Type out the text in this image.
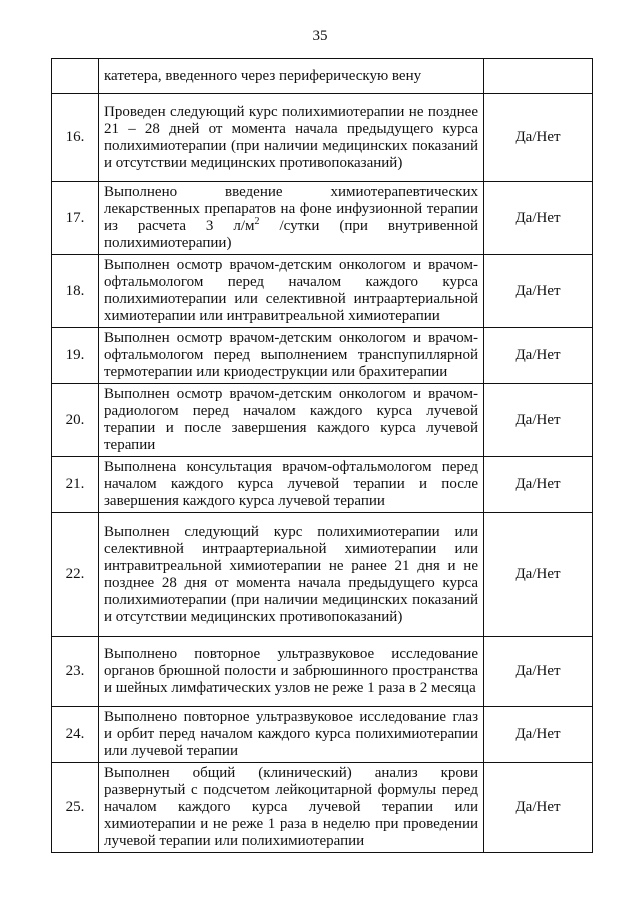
35
	катетера, введенного через периферическую вену	
16.	Проведен следующий курс полихимиотерапии не позднее 21 – 28 дней от момента начала предыдущего курса полихимиотерапии (при наличии медицинских показаний и отсутствии медицинских противопоказаний)	Да/Нет
17.	Выполнено введение химиотерапевтических лекарственных препаратов на фоне инфузионной терапии из расчета 3 $л/м^2$ /сутки (при внутривенной полихимиотерапии)	Да/Нет
18.	Выполнен осмотр врачом-детским онкологом и врачом-офтальмологом перед началом каждого курса полихимиотерапии или селективной интраартериальной химиотерапии или интравитреальной химиотерапии	Да/Нет
19.	Выполнен осмотр врачом-детским онкологом и врачом-офтальмологом перед выполнением транспупиллярной термотерапии или криодеструкции или брахитерапии	Да/Нет
20.	Выполнен осмотр врачом-детским онкологом и врачом-радиологом перед началом каждого курса лучевой терапии и после завершения каждого курса лучевой терапии	Да/Нет
21.	Выполнена консультация врачом-офтальмологом перед началом каждого курса лучевой терапии и после завершения каждого курса лучевой терапии	Да/Нет
22.	Выполнен следующий курс полихимиотерапии или селективной интраартериальной химиотерапии или интравитреальной химиотерапии не ранее 21 дня и не позднее 28 дня от момента начала предыдущего курса полихимиотерапии (при наличии медицинских показаний и отсутствии медицинских противопоказаний)	Да/Нет
23.	Выполнено повторное ультразвуковое исследование органов брюшной полости и забрюшинного пространства и шейных лимфатических узлов не реже 1 раза в 2 месяца	Да/Нет
24.	Выполнено повторное ультразвуковое исследование глаз и орбит перед началом каждого курса полихимиотерапии или лучевой терапии	Да/Нет
25.	Выполнен общий (клинический) анализ крови развернутый с подсчетом лейкоцитарной формулы перед началом каждого курса лучевой терапии или химиотерапии и не реже 1 раза в неделю при проведении лучевой терапии или полихимиотерапии	Да/Нет
